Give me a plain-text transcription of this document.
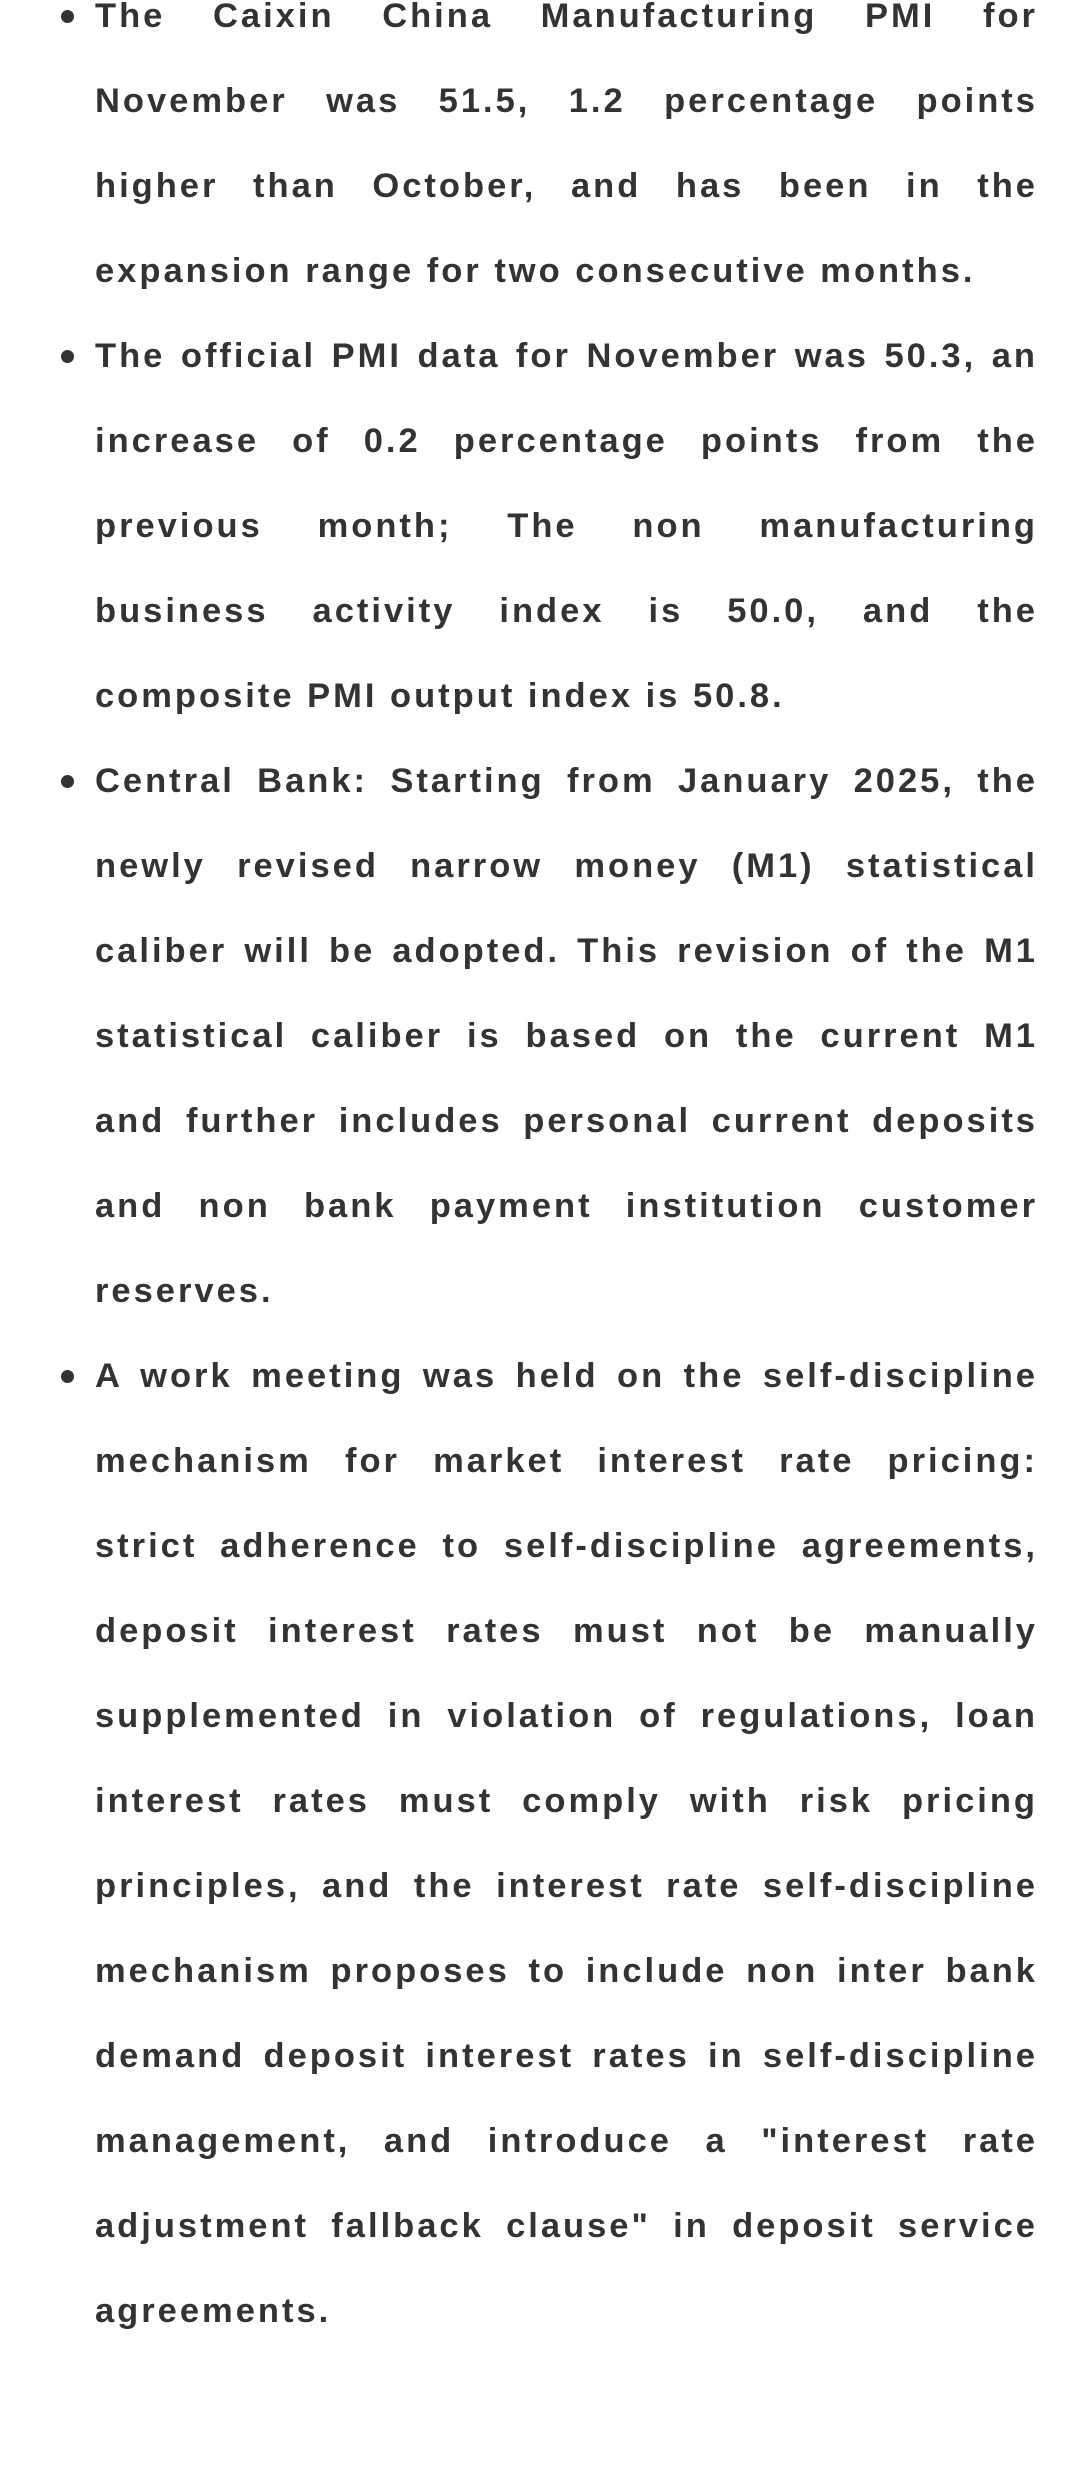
The Caixin China Manufacturing PMI for November was 51.5, 1.2 percentage points higher than October, and has been in the expansion range for two consecutive months.
The official PMI data for November was 50.3, an increase of 0.2 percentage points from the previous month; The non manufacturing business activity index is 50.0, and the composite PMI output index is 50.8.
Central Bank: Starting from January 2025, the newly revised narrow money (M1) statistical caliber will be adopted. This revision of the M1 statistical caliber is based on the current M1 and further includes personal current deposits and non bank payment institution customer reserves.
A work meeting was held on the self-discipline mechanism for market interest rate pricing: strict adherence to self-discipline agreements, deposit interest rates must not be manually supplemented in violation of regulations, loan interest rates must comply with risk pricing principles, and the interest rate self-discipline mechanism proposes to include non inter bank demand deposit interest rates in self-discipline management, and introduce a "interest rate adjustment fallback clause" in deposit service agreements.
